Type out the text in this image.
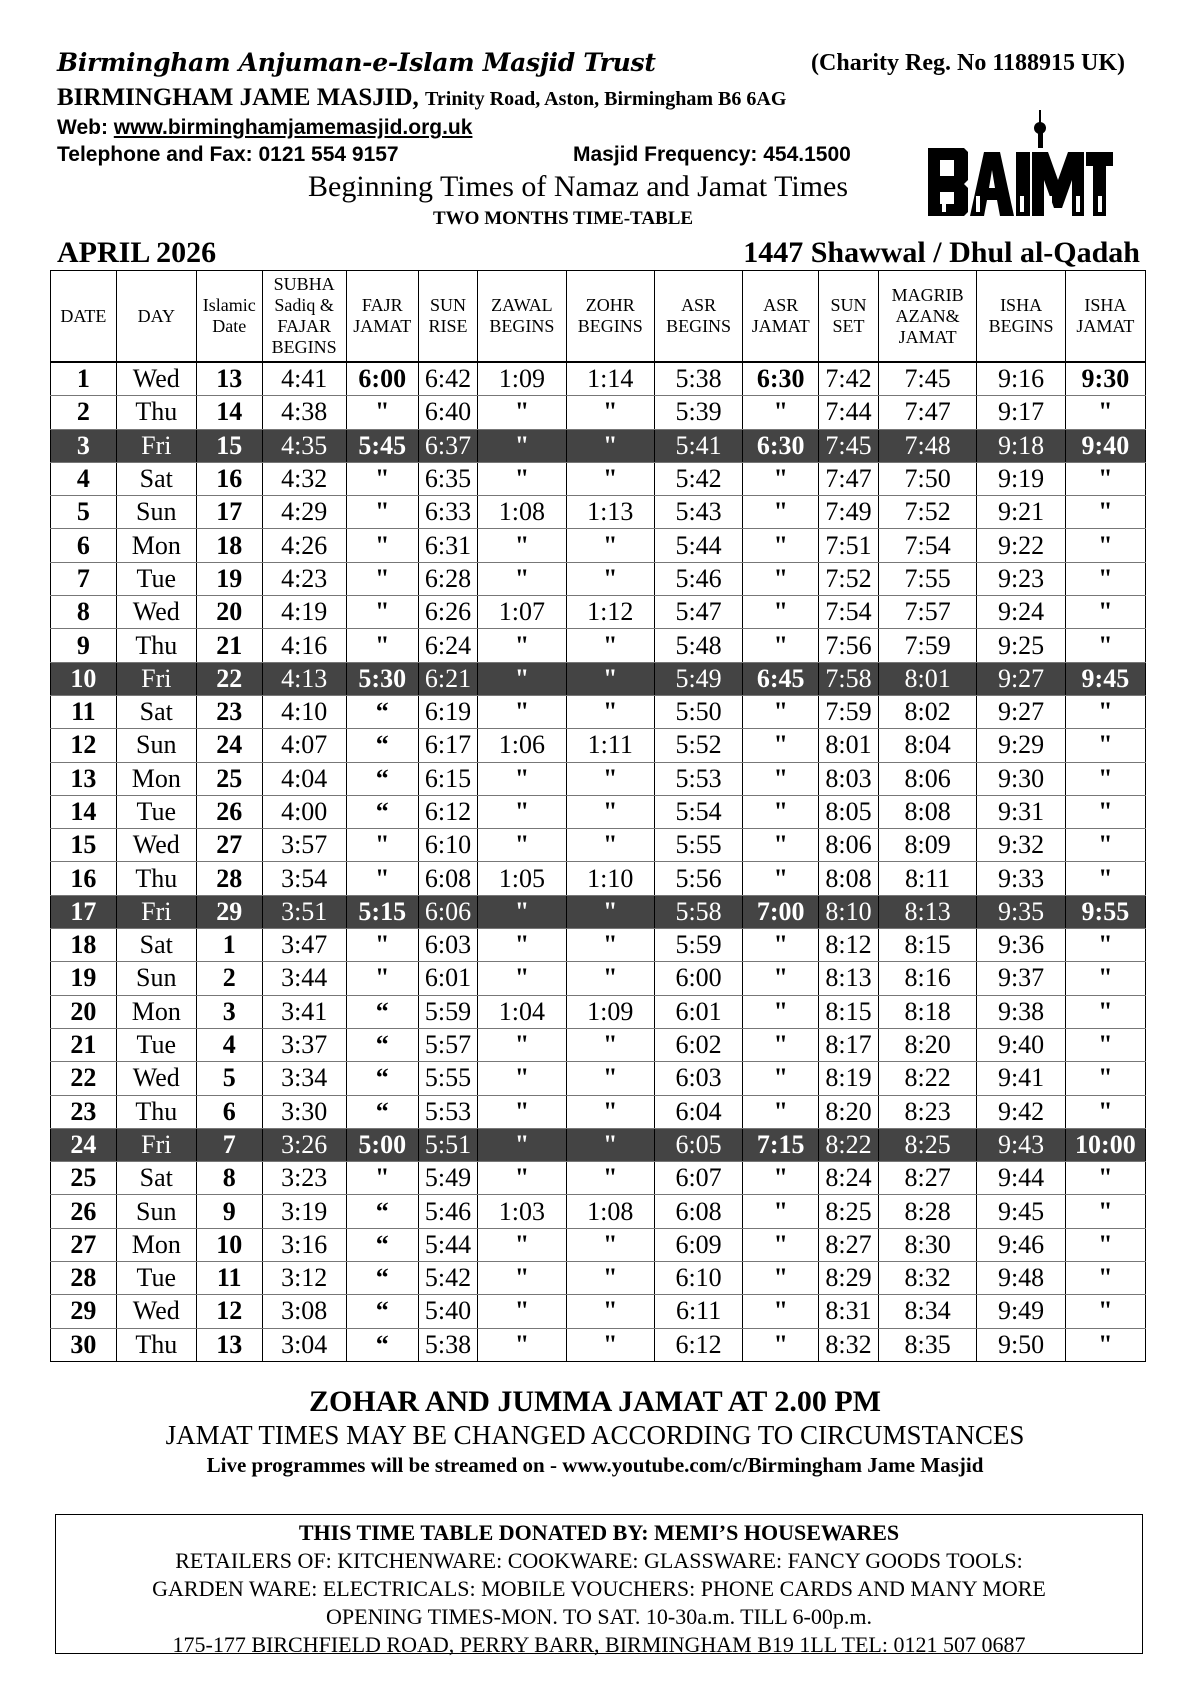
Birmingham Anjuman-e-Islam Masjid Trust	(Charity Reg. No 1188915 UK)
BIRMINGHAM JAME MASJID, Trinity Road, Aston, Birmingham B6 6AG
Web: www.birminghamjamemasjid.org.uk
Telephone and Fax: 0121 554 9157	Masjid Frequency: 454.1500
Beginning Times of Namaz and Jamat Times
TWO MONTHS TIME-TABLE
APRIL 2026	1447 Shawwal / Dhul al-Qadah
DATE	DAY	Islamic Date	SUBHA Sadiq & FAJAR BEGINS	FAJR JAMAT	SUN RISE	ZAWAL BEGINS	ZOHR BEGINS	ASR BEGINS	ASR JAMAT	SUN SET	MAGRIB AZAN& JAMAT	ISHA BEGINS	ISHA JAMAT
1	Wed	13	4:41	6:00	6:42	1:09	1:14	5:38	6:30	7:42	7:45	9:16	9:30
2	Thu	14	4:38	"	6:40	"	"	5:39	"	7:44	7:47	9:17	"
3	Fri	15	4:35	5:45	6:37	"	"	5:41	6:30	7:45	7:48	9:18	9:40
4	Sat	16	4:32	"	6:35	"	"	5:42	"	7:47	7:50	9:19	"
5	Sun	17	4:29	"	6:33	1:08	1:13	5:43	"	7:49	7:52	9:21	"
6	Mon	18	4:26	"	6:31	"	"	5:44	"	7:51	7:54	9:22	"
7	Tue	19	4:23	"	6:28	"	"	5:46	"	7:52	7:55	9:23	"
8	Wed	20	4:19	"	6:26	1:07	1:12	5:47	"	7:54	7:57	9:24	"
9	Thu	21	4:16	"	6:24	"	"	5:48	"	7:56	7:59	9:25	"
10	Fri	22	4:13	5:30	6:21	"	"	5:49	6:45	7:58	8:01	9:27	9:45
11	Sat	23	4:10	“	6:19	"	"	5:50	"	7:59	8:02	9:27	"
12	Sun	24	4:07	“	6:17	1:06	1:11	5:52	"	8:01	8:04	9:29	"
13	Mon	25	4:04	“	6:15	"	"	5:53	"	8:03	8:06	9:30	"
14	Tue	26	4:00	“	6:12	"	"	5:54	"	8:05	8:08	9:31	"
15	Wed	27	3:57	"	6:10	"	"	5:55	"	8:06	8:09	9:32	"
16	Thu	28	3:54	"	6:08	1:05	1:10	5:56	"	8:08	8:11	9:33	"
17	Fri	29	3:51	5:15	6:06	"	"	5:58	7:00	8:10	8:13	9:35	9:55
18	Sat	1	3:47	"	6:03	"	"	5:59	"	8:12	8:15	9:36	"
19	Sun	2	3:44	"	6:01	"	"	6:00	"	8:13	8:16	9:37	"
20	Mon	3	3:41	“	5:59	1:04	1:09	6:01	"	8:15	8:18	9:38	"
21	Tue	4	3:37	“	5:57	"	"	6:02	"	8:17	8:20	9:40	"
22	Wed	5	3:34	“	5:55	"	"	6:03	"	8:19	8:22	9:41	"
23	Thu	6	3:30	“	5:53	"	"	6:04	"	8:20	8:23	9:42	"
24	Fri	7	3:26	5:00	5:51	"	"	6:05	7:15	8:22	8:25	9:43	10:00
25	Sat	8	3:23	"	5:49	"	"	6:07	"	8:24	8:27	9:44	"
26	Sun	9	3:19	“	5:46	1:03	1:08	6:08	"	8:25	8:28	9:45	"
27	Mon	10	3:16	“	5:44	"	"	6:09	"	8:27	8:30	9:46	"
28	Tue	11	3:12	“	5:42	"	"	6:10	"	8:29	8:32	9:48	"
29	Wed	12	3:08	“	5:40	"	"	6:11	"	8:31	8:34	9:49	"
30	Thu	13	3:04	“	5:38	"	"	6:12	"	8:32	8:35	9:50	"
ZOHAR AND JUMMA JAMAT AT 2.00 PM
JAMAT TIMES MAY BE CHANGED ACCORDING TO CIRCUMSTANCES
Live programmes will be streamed on - www.youtube.com/c/Birmingham Jame Masjid
THIS TIME TABLE DONATED BY: MEMI’S HOUSEWARES
RETAILERS OF: KITCHENWARE: COOKWARE: GLASSWARE: FANCY GOODS TOOLS:
GARDEN WARE: ELECTRICALS: MOBILE VOUCHERS: PHONE CARDS AND MANY MORE
OPENING TIMES-MON. TO SAT. 10-30a.m. TILL 6-00p.m.
175-177 BIRCHFIELD ROAD, PERRY BARR, BIRMINGHAM B19 1LL TEL: 0121 507 0687
